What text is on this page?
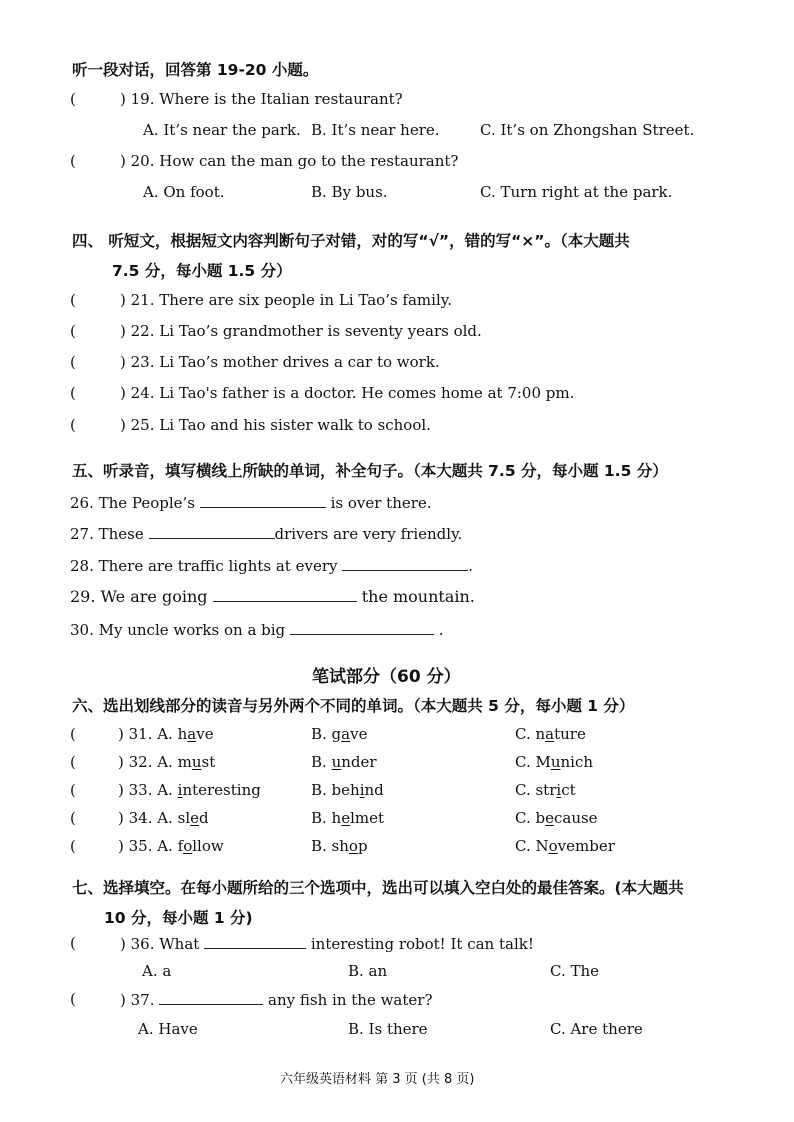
听一段对话，回答第 19-20 小题。
(	) 19. Where is the Italian restaurant?
A. It’s near the park. B. It’s near here.	C. It’s on Zhongshan Street.
(	) 20. How can the man go to the restaurant?
A. On foot.	B. By bus.	C. Turn right at the park.
四、 听短文，根据短文内容判断句子对错，对的写“√”，错的写“×”。（本大题共
7.5 分，每小题 1.5 分）
(	) 21. There are six people in Li Tao’s family.
(	) 22. Li Tao’s grandmother is seventy years old.
(	) 23. Li Tao’s mother drives a car to work.
(	) 24. Li Tao's father is a doctor. He comes home at 7:00 pm.
(	) 25. Li Tao and his sister walk to school.
五、听录音，填写横线上所缺的单词，补全句子。（本大题共 7.5 分，每小题 1.5 分）
26. The People’s	is over there.
27. These	drivers are very friendly.
28. There are traffic lights at every	.
29. We are going	the mountain.
30. My uncle works on a big	.
笔试部分（60 分）
六、选出划线部分的读音与另外两个不同的单词。（本大题共 5 分，每小题 1 分）
(	) 31. A. have	B. gave	C. nature
(	) 32. A. must	B. under	C. Munich
(	) 33. A. interesting	B. behind	C. strict
(	) 34. A. sled	B. helmet	C. because
(	) 35. A. follow	B. shop	C. November
七、选择填空。在每小题所给的三个选项中，选出可以填入空白处的最佳答案。(本大题共
10 分，每小题 1 分)
(	) 36. What	interesting robot! It can talk!
A. a	B. an	C. The
(	) 37.	any fish in the water?
A. Have	B. Is there	C. Are there
六年级英语材料 第 3 页 (共 8 页)
